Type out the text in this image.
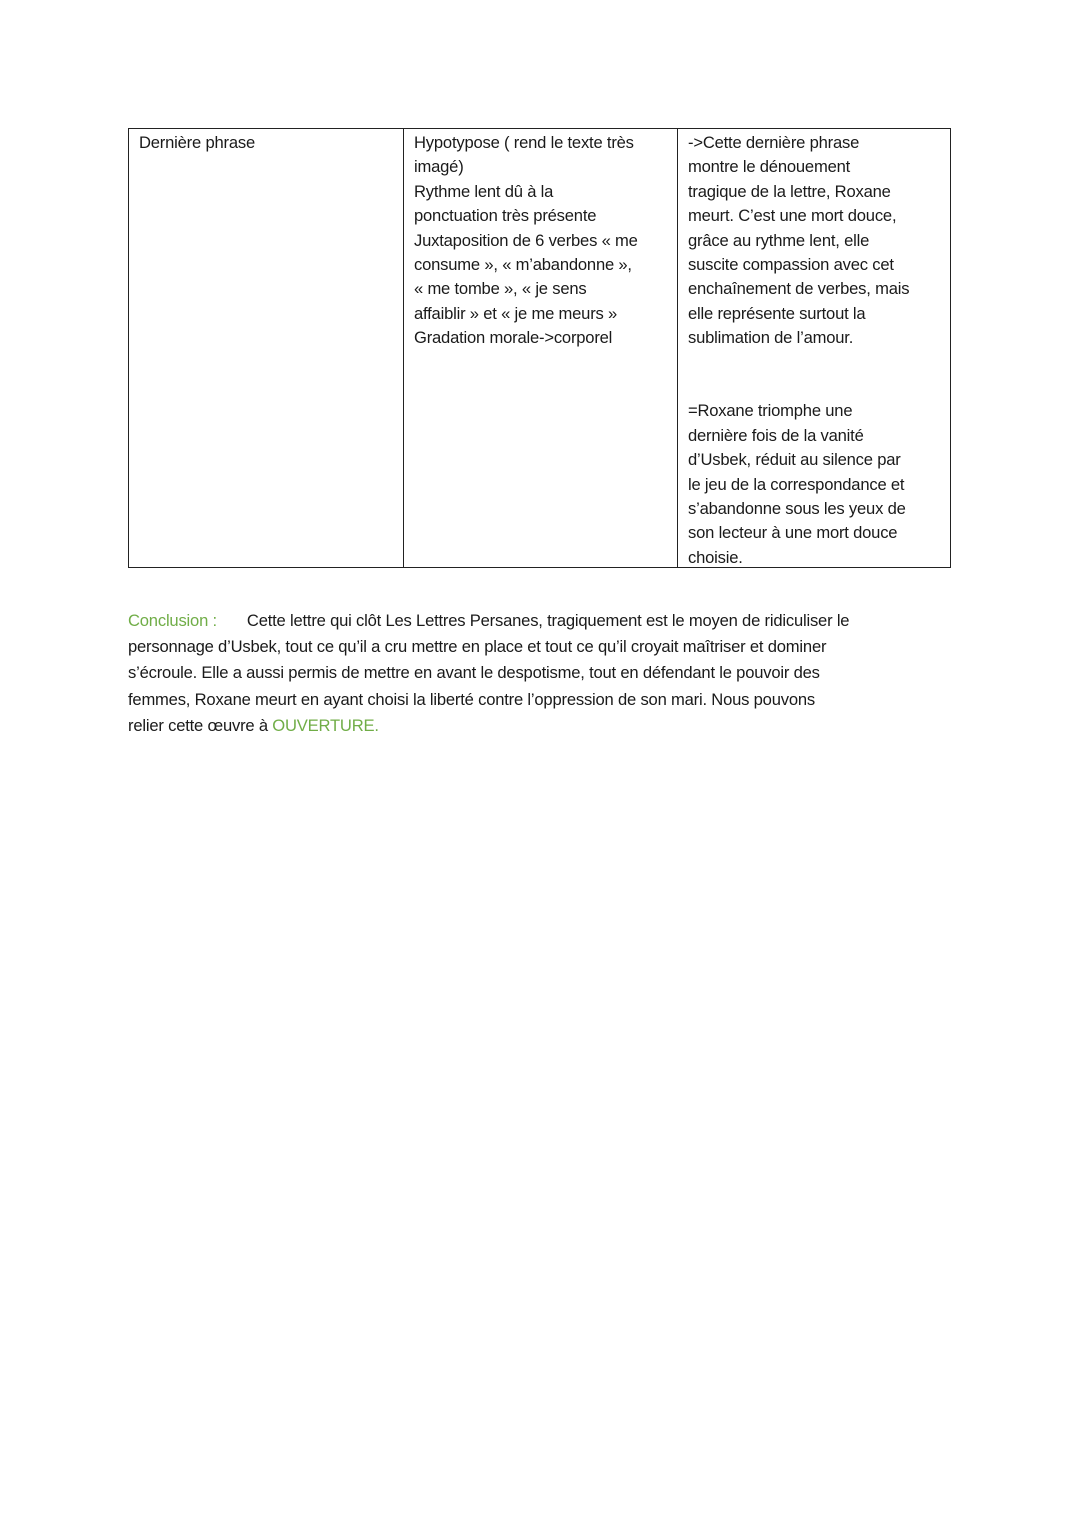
Dernière phrase	Hypotypose ( rend le texte très
imagé)
Rythme lent dû à la
ponctuation très présente
Juxtaposition de 6 verbes « me
consume », « m’abandonne »,
« me tombe », « je sens
affaiblir » et « je me meurs »
Gradation morale->corporel
->Cette dernière phrase
montre le dénouement
tragique de la lettre, Roxane
meurt. C’est une mort douce,
grâce au rythme lent, elle
suscite compassion avec cet
enchaînement de verbes, mais
elle représente surtout la
sublimation de l’amour.
=Roxane triomphe une
dernière fois de la vanité
d’Usbek, réduit au silence par
le jeu de la correspondance et
s’abandonne sous les yeux de
son lecteur à une mort douce
choisie.
Conclusion : Cette lettre qui clôt Les Lettres Persanes, tragiquement est le moyen de ridiculiser le
personnage d’Usbek, tout ce qu’il a cru mettre en place et tout ce qu’il croyait maîtriser et dominer
s’écroule. Elle a aussi permis de mettre en avant le despotisme, tout en défendant le pouvoir des
femmes, Roxane meurt en ayant choisi la liberté contre l’oppression de son mari. Nous pouvons
relier cette œuvre à OUVERTURE.
